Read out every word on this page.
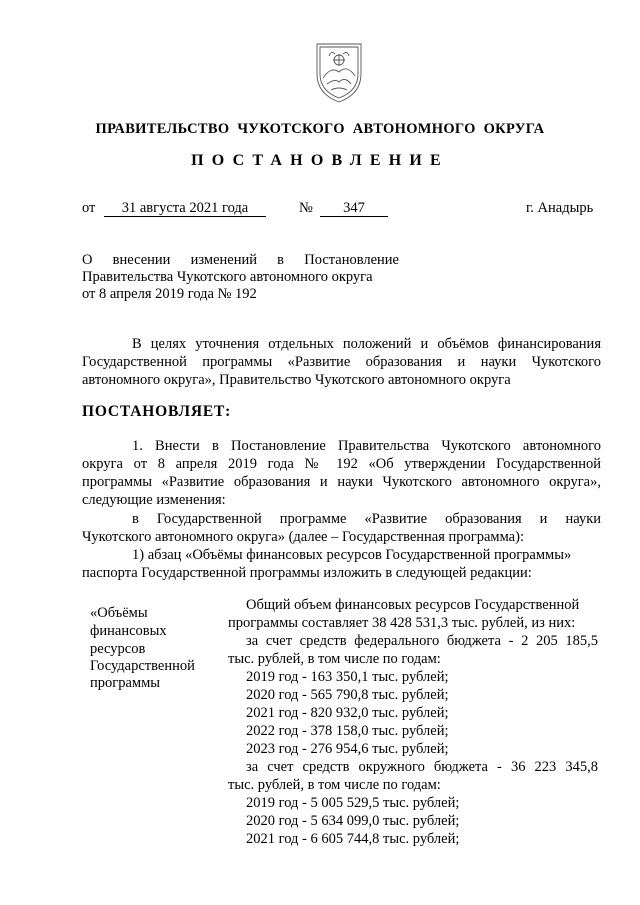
ПРАВИТЕЛЬСТВО ЧУКОТСКОГО АВТОНОМНОГО ОКРУГА
ПОСТАНОВЛЕНИЕ
от	31 августа 2021 года	№	347	г. Анадырь
О внесении изменений в Постановление
Правительства Чукотского автономного округа
от 8 апреля 2019 года № 192
В целях уточнения отдельных положений и объёмов финансирования
Государственной программы «Развитие образования и науки Чукотского
автономного округа», Правительство Чукотского автономного округа
ПОСТАНОВЛЯЕТ:
1. Внести в Постановление Правительства Чукотского автономного
округа от 8 апреля 2019 года № 192 «Об утверждении Государственной
программы «Развитие образования и науки Чукотского автономного округа»,
следующие изменения:
в Государственной программе «Развитие образования и науки
Чукотского автономного округа» (далее – Государственная программа):
1) абзац «Объёмы финансовых ресурсов Государственной программы»
паспорта Государственной программы изложить в следующей редакции:
«Объёмы
финансовых
ресурсов
Государственной
программы
Общий объем финансовых ресурсов Государственной
программы составляет 38 428 531,3 тыс. рублей, из них:
за счет средств федерального бюджета - 2 205 185,5
тыс. рублей, в том числе по годам:
2019 год - 163 350,1 тыс. рублей;
2020 год - 565 790,8 тыс. рублей;
2021 год - 820 932,0 тыс. рублей;
2022 год - 378 158,0 тыс. рублей;
2023 год - 276 954,6 тыс. рублей;
за счет средств окружного бюджета - 36 223 345,8
тыс. рублей, в том числе по годам:
2019 год - 5 005 529,5 тыс. рублей;
2020 год - 5 634 099,0 тыс. рублей;
2021 год - 6 605 744,8 тыс. рублей;
